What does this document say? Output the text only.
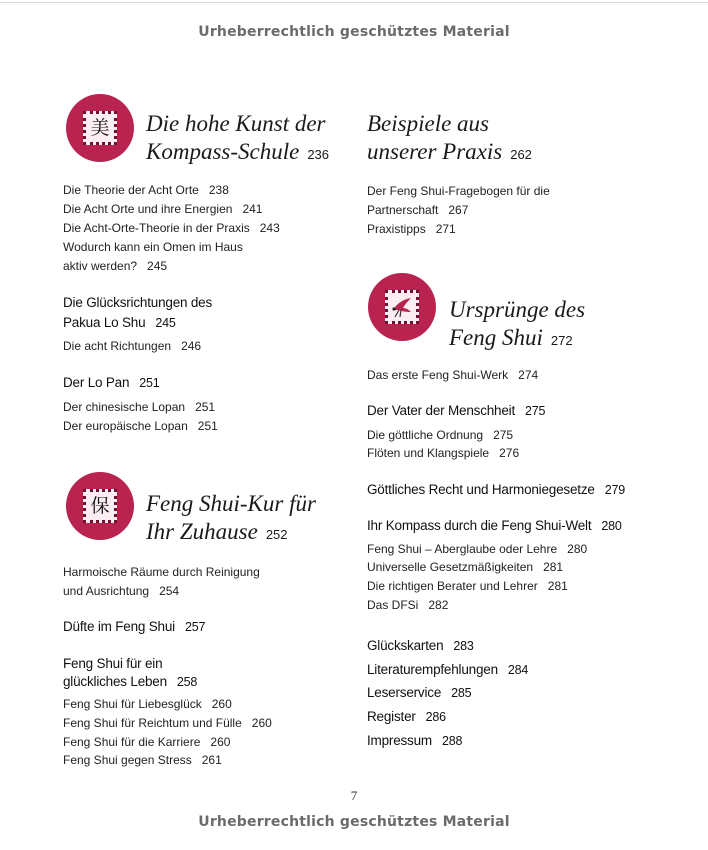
Urheberrechtlich geschütztes Material
美 Die hohe Kunst der
Kompass-Schule 236
Die Theorie der Acht Orte 238
Die Acht Orte und ihre Energien 241
Die Acht-Orte-Theorie in der Praxis 243
Wodurch kann ein Omen im Haus
aktiv werden? 245
Die Glücksrichtungen des
Pakua Lo Shu 245
Die acht Richtungen 246
Der Lo Pan 251
Der chinesische Lopan 251
Der europäische Lopan 251
保 Feng Shui-Kur für
Ihr Zuhause 252
Harmoische Räume durch Reinigung
und Ausrichtung 254
Düfte im Feng Shui 257
Feng Shui für ein
glückliches Leben 258
Feng Shui für Liebesglück 260
Feng Shui für Reichtum und Fülle 260
Feng Shui für die Karriere 260
Feng Shui gegen Stress 261
Beispiele aus
unserer Praxis 262
Der Feng Shui-Fragebogen für die
Partnerschaft 267
Praxistipps 271
Ursprünge des
Feng Shui 272
Das erste Feng Shui-Werk 274
Der Vater der Menschheit 275
Die göttliche Ordnung 275
Flöten und Klangspiele 276
Göttliches Recht und Harmoniegesetze 279
Ihr Kompass durch die Feng Shui-Welt 280
Feng Shui – Aberglaube oder Lehre 280
Universelle Gesetzmäßigkeiten 281
Die richtigen Berater und Lehrer 281
Das DFSi 282
Glückskarten 283
Literaturempfehlungen 284
Leserservice 285
Register 286
Impressum 288
7
Urheberrechtlich geschütztes Material
